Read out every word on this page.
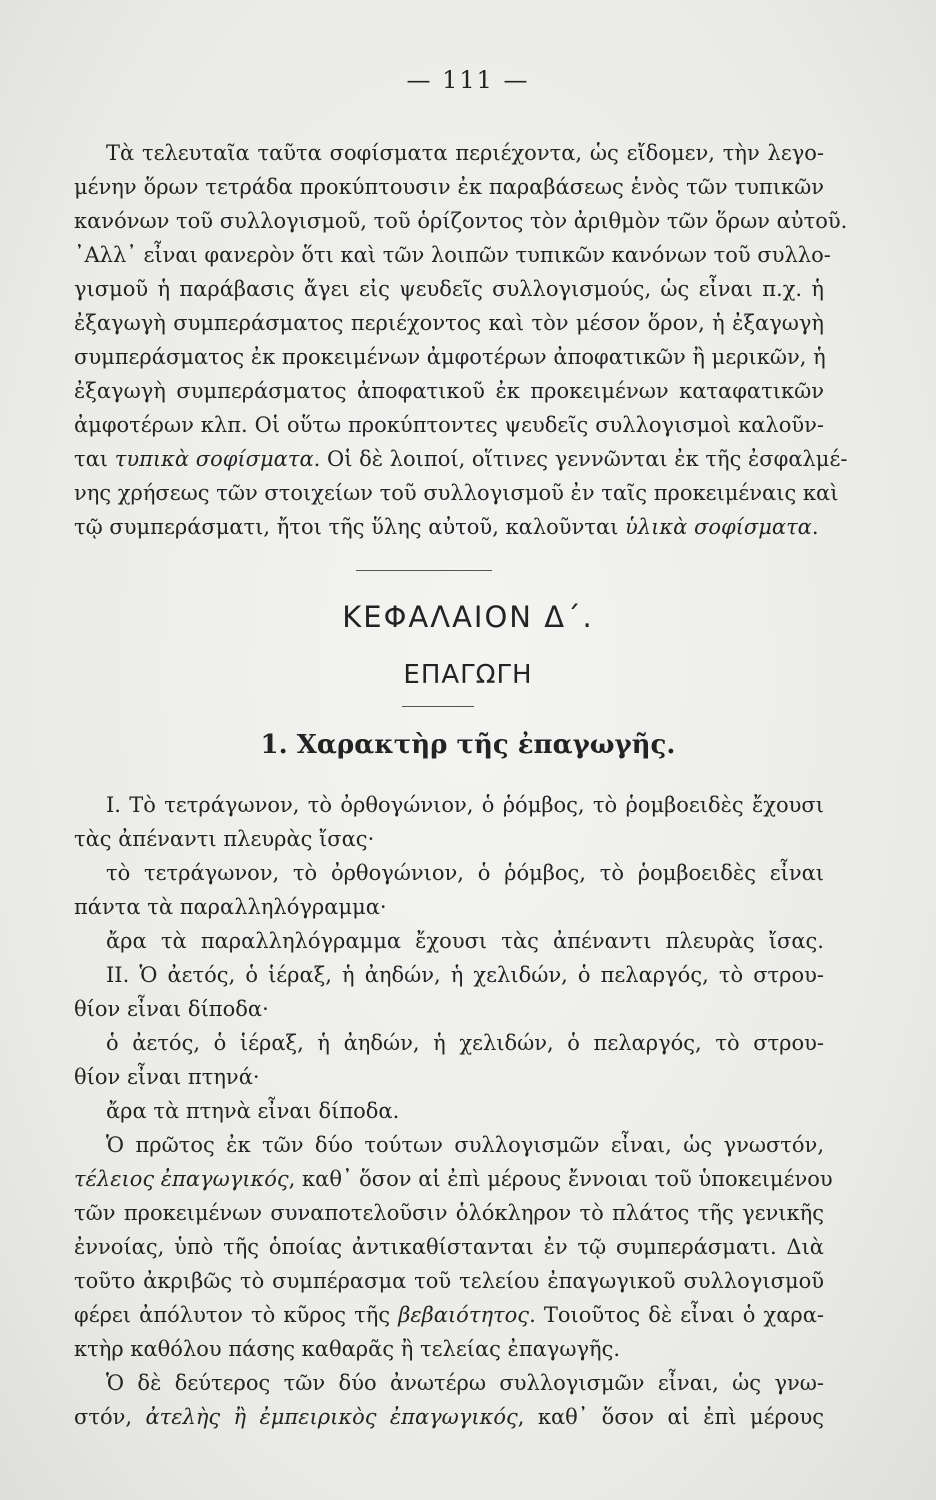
— 111 —
Τὰ τελευταῖα ταῦτα σοφίσματα περιέχοντα, ὡς εἴδομεν, τὴν λεγο-
μένην ὅρων τετράδα προκύπτουσιν ἐκ παραβάσεως ἑνὸς τῶν τυπικῶν
κανόνων τοῦ συλλογισμοῦ, τοῦ ὁρίζοντος τὸν ἀριθμὸν τῶν ὅρων αὐτοῦ.
᾿Αλλ᾿ εἶναι φανερὸν ὅτι καὶ τῶν λοιπῶν τυπικῶν κανόνων τοῦ συλλο-
γισμοῦ ἡ παράβασις ἄγει εἰς ψευδεῖς συλλογισμούς, ὡς εἶναι π.χ. ἡ
ἐξαγωγὴ συμπεράσματος περιέχοντος καὶ τὸν μέσον ὅρον, ἡ ἐξαγωγὴ
συμπεράσματος ἐκ προκειμένων ἀμφοτέρων ἀποφατικῶν ἢ μερικῶν, ἡ
ἐξαγωγὴ συμπεράσματος ἀποφατικοῦ ἐκ προκειμένων καταφατικῶν
ἀμφοτέρων κλπ. Οἱ οὕτω προκύπτοντες ψευδεῖς συλλογισμοὶ καλοῦν-
ται τυπικὰ σοφίσματα. Οἱ δὲ λοιποί, οἵτινες γεννῶνται ἐκ τῆς ἐσφαλμέ-
νης χρήσεως τῶν στοιχείων τοῦ συλλογισμοῦ ἐν ταῖς προκειμέναις καὶ
τῷ συμπεράσματι, ἤτοι τῆς ὕλης αὐτοῦ, καλοῦνται ὑλικὰ σοφίσματα.
ΚΕΦΑΛΑΙΟΝ Δ΄.
ΕΠΑΓΩΓΗ
1. Χαρακτὴρ τῆς ἐπαγωγῆς.
I. Τὸ τετράγωνον, τὸ ὀρθογώνιον, ὁ ῥόμβος, τὸ ῥομβοειδὲς ἔχουσι
τὰς ἀπέναντι πλευρὰς ἴσας·
τὸ τετράγωνον, τὸ ὀρθογώνιον, ὁ ῥόμβος, τὸ ῥομβοειδὲς εἶναι
πάντα τὰ παραλληλόγραμμα·
ἄρα τὰ παραλληλόγραμμα ἔχουσι τὰς ἀπέναντι πλευρὰς ἴσας.
II. Ὁ ἀετός, ὁ ἱέραξ, ἡ ἀηδών, ἡ χελιδών, ὁ πελαργός, τὸ στρου-
θίον εἶναι δίποδα·
ὁ ἀετός, ὁ ἱέραξ, ἡ ἀηδών, ἡ χελιδών, ὁ πελαργός, τὸ στρου-
θίον εἶναι πτηνά·
ἄρα τὰ πτηνὰ εἶναι δίποδα.
Ὁ πρῶτος ἐκ τῶν δύο τούτων συλλογισμῶν εἶναι, ὡς γνωστόν,
τέλειος ἐπαγωγικός, καθ᾿ ὅσον αἱ ἐπὶ μέρους ἔννοιαι τοῦ ὑποκειμένου
τῶν προκειμένων συναποτελοῦσιν ὁλόκληρον τὸ πλάτος τῆς γενικῆς
ἐννοίας, ὑπὸ τῆς ὁποίας ἀντικαθίστανται ἐν τῷ συμπεράσματι. Διὰ
τοῦτο ἀκριβῶς τὸ συμπέρασμα τοῦ τελείου ἐπαγωγικοῦ συλλογισμοῦ
φέρει ἀπόλυτον τὸ κῦρος τῆς βεβαιότητος. Τοιοῦτος δὲ εἶναι ὁ χαρα-
κτὴρ καθόλου πάσης καθαρᾶς ἢ τελείας ἐπαγωγῆς.
Ὁ δὲ δεύτερος τῶν δύο ἀνωτέρω συλλογισμῶν εἶναι, ὡς γνω-
στόν, ἀτελὴς ἢ ἐμπειρικὸς ἐπαγωγικός, καθ᾿ ὅσον αἱ ἐπὶ μέρους
